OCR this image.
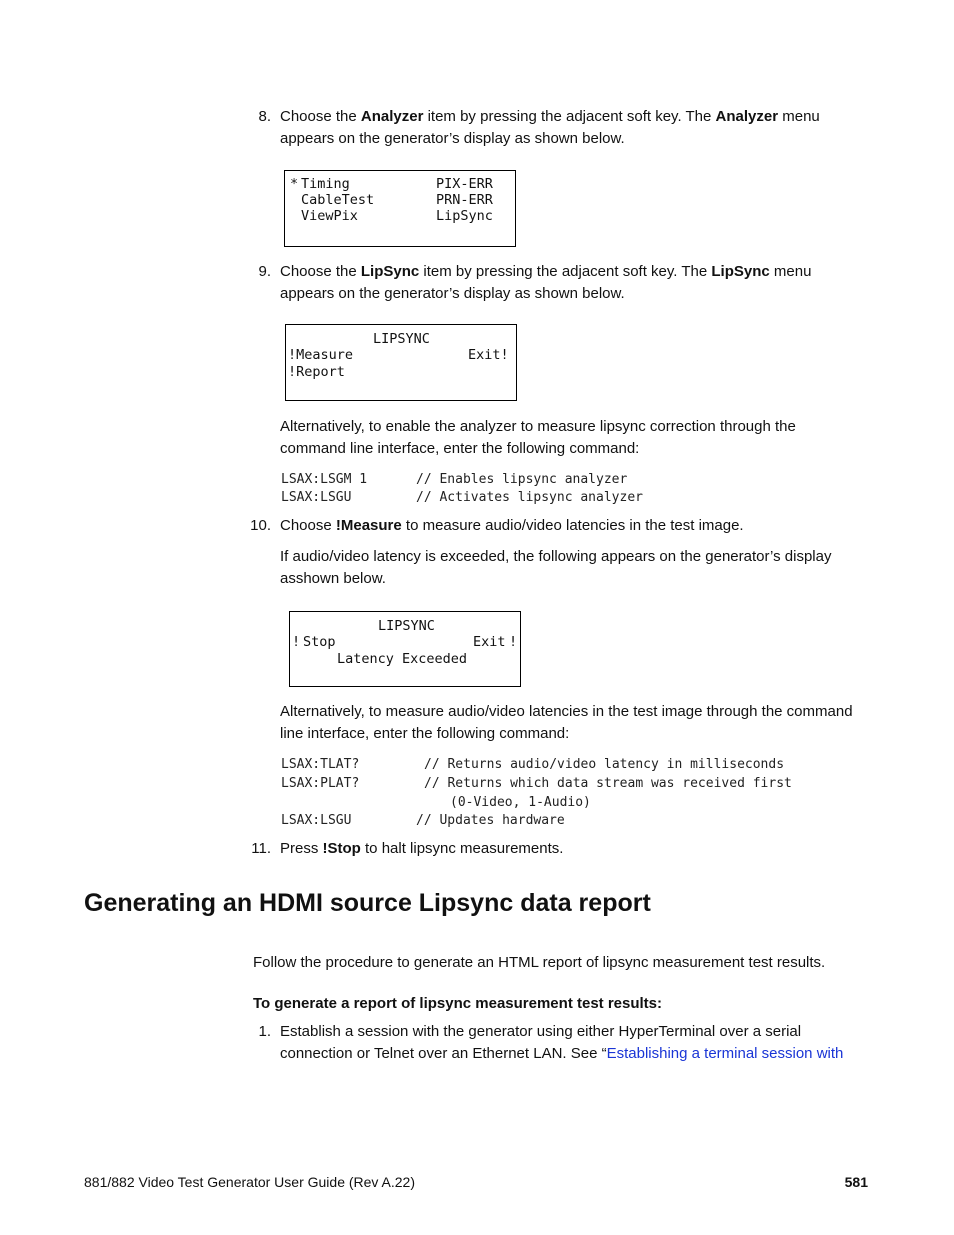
8. Choose the Analyzer item by pressing the adjacent soft key. The Analyzer menu
appears on the generator’s display as shown below.
* Timing
CableTest
ViewPix
PIX-ERR
PRN-ERR
LipSync
9. Choose the LipSync item by pressing the adjacent soft key. The LipSync menu
appears on the generator’s display as shown below.
LIPSYNC
!Measure	Exit!
!Report
Alternatively, to enable the analyzer to measure lipsync correction through the
command line interface, enter the following command:
LSAX:LSGM 1	// Enables lipsync analyzer
LSAX:LSGU	// Activates lipsync analyzer
10. Choose !Measure to measure audio/video latencies in the test image.
If audio/video latency is exceeded, the following appears on the generator’s display
asshown below.
LIPSYNC
! Stop	Exit !
Latency Exceeded
Alternatively, to measure audio/video latencies in the test image through the command
line interface, enter the following command:
LSAX:TLAT?	// Returns audio/video latency in milliseconds
LSAX:PLAT?	// Returns which data stream was received first
(0-Video, 1-Audio)
LSAX:LSGU	// Updates hardware
11. Press !Stop to halt lipsync measurements.
Generating an HDMI source Lipsync data report
Follow the procedure to generate an HTML report of lipsync measurement test results.
To generate a report of lipsync measurement test results:
1. Establish a session with the generator using either HyperTerminal over a serial
connection or Telnet over an Ethernet LAN. See “Establishing a terminal session with
881/882 Video Test Generator User Guide (Rev A.22)	581
